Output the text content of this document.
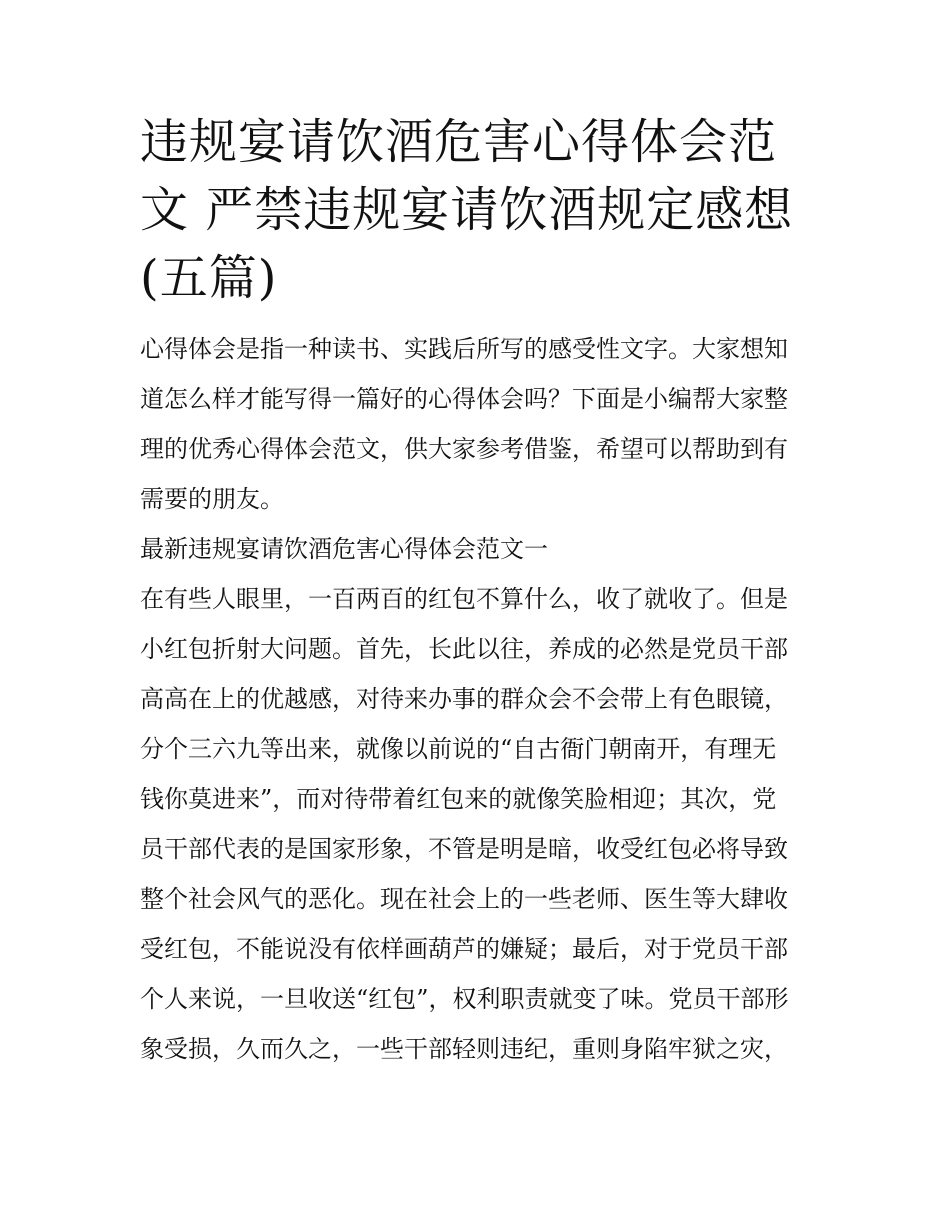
违规宴请饮酒危害心得体会范
文 严禁违规宴请饮酒规定感想
(五篇)
心得体会是指一种读书、实践后所写的感受性文字。大家想知
道怎么样才能写得一篇好的心得体会吗？下面是小编帮大家整
理的优秀心得体会范文，供大家参考借鉴，希望可以帮助到有
需要的朋友。
最新违规宴请饮酒危害心得体会范文一
在有些人眼里，一百两百的红包不算什么，收了就收了。但是
小红包折射大问题。首先，长此以往，养成的必然是党员干部
高高在上的优越感，对待来办事的群众会不会带上有色眼镜，
分个三六九等出来，就像以前说的“自古衙门朝南开，有理无
钱你莫进来”，而对待带着红包来的就像笑脸相迎；其次，党
员干部代表的是国家形象，不管是明是暗，收受红包必将导致
整个社会风气的恶化。现在社会上的一些老师、医生等大肆收
受红包，不能说没有依样画葫芦的嫌疑；最后，对于党员干部
个人来说，一旦收送“红包”，权利职责就变了味。党员干部形
象受损，久而久之，一些干部轻则违纪，重则身陷牢狱之灾，
